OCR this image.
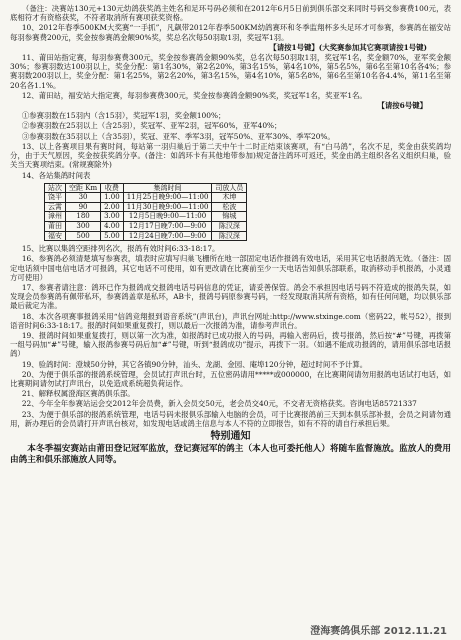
（备注：决赛站130元+130元幼鸽获奖鸽主姓名和足环号码必须和在2012年6月5日前到俱乐部交来同时号码交参赛费100元，表底相符才有资格获奖，不符者取消所有赛项获奖资格。

10、2012年春季500KM大奖赛“一手抓”，凡飙带2012年春季500KM幼鸽赛环和冬季监翔杯多头足环才可参赛，参赛鸽在福安站每羽参赛费200元，奖金按参赛鸽金额90%奖，奖总名次每50羽取1羽，奖冠军1羽。

【请按1号键】(大奖赛参加其它赛项请按1号键)

11、莆田站指定赛，每羽参赛费300元，奖金按参赛鸽金额90%奖，总名次每50羽取1羽，奖冠军1名，奖金额70%，亚军奖金额30%；参赛羽数达100羽以上，奖金分配：第1名30%，第2名20%，第3名15%，第4名10%，第5名5%，第6名至第10名各4%；参赛羽数200羽以上，奖金分配：第1名25%，第2名20%，第3名15%，第4名10%，第5名8%，第6名至第10名各4.4%，第11名至第20名各1.1%。

12、莆田站，福安站大指定赛，每羽参赛费300元，奖金按参赛鸽金额90%奖，奖冠军1名，奖亚军1名。

【请按6号键】

①参赛羽数在15羽内（含15羽），奖冠军1羽，奖金额100%；

②参赛羽数在25羽以上（含25羽），奖冠军、亚军2羽，冠军60%，亚军40%；

③参赛羽数在35羽以上（含35羽），奖冠、亚军、季军3羽，冠军50%、亚军30%、季军20%。

13、以上各赛项目果有赛时间，每站第一羽归巢后于第二天中午十二时正结束该赛项，有“白马鸽”，名次不足，奖金由获奖鸽均分，由于天气原因，奖金按获奖鸽分享。(备注：如鸽环卡有其他地带参加)规定备注鸽环可返还，奖金由鸽主组织各名义组织归巢，验关当天赛项结束。(常规赛除外)

14、各站集鸽时间表

站次	空距 Km	收费	集鸽时间	司放人员
饶平	30	1.00	11月25日晚9:00—11:00	木坤
云霄	90	2.00	11月30日晚9:00—11:00	松波
漳州	180	3.00	12月5日晚9:00—11:00	锦城
莆田	300	4.00	12月17日晚7:00—9:00	陈汉深
福安	500	5.00	12月24日晚7:00—9:00	陈汉深

15、比赛以集鸽空距排列名次，报鸽有效时间6:33-18:17。

16、参赛鸽必须清楚填写参赛表，填表时应填写归巢飞栅所在地一部固定电话作报鸽有效电话，采用其它电话报鸽无效。（备注：固定电话须中国电信电话才可报鸽，其它电话不可使用，如有更改请在比赛前至少一天电话告知俱乐部联系，取消移动手机报鸽，小灵通方可使用）

17、参赛者请注意：鸽环已作为报鸽成交报鸽电话号码信息的凭证，请妥善保管。鸽会不承担因电话号码不符造成的报鸽失误，如发现会员参赛鸽有佩带私环，参赛鸽盖章是私环，AB卡，报鸽号码原参赛号码，一经发现取消其所有资格，如有任何问题，均以俱乐部最后裁定为准。

18、本次各项赛事报鸽采用“信鸽竞翔报到语音系统”(声讯台)，声讯台网址:http://www.stxinge.com（密码22，帐号52），报到语音时间6:33-18:17。报鸽时间如果重复拨打，则以最后一次报鸽为准，请参考声讯台。

19、报鸽时间如果重复拨打，则以第一次为准，如报鸽时已成功报入的号码，再输入密码后，拨号报鸽，然后按“#”号键，再拨第一组号码加“#”号键，输入报鸽参赛号码后加“#”号键，听到“报鸽成功”提示，再拨下一羽。（如遇不能成功报鸽的，请用俱乐部电话报鸽）

19、验鸽时间：澄城50分钟，其它各镇90分钟，汕头、龙湖、金园、庵埠120分钟，超过时间不予计算。

20、为便于俱乐部的报鸽系统管理，会员试打声讯台时，五位密码请用*****或000000，在比赛期间请勿用报鸽电话试打电话，如比赛期间请勿试打声讯台，以免造成系统超负荷运作。

21、解释权属澄海区赛鸽俱乐部。

22、今年全年参赛站运会交2012年会员费，新入会员交50元，老会员交40元，不交者无资格获奖。咨询电话85721337

23、为便于俱乐部的报鸽系统管理，电话号码未报俱乐部输入电脑的会员，可于比赛报鸽前三天到本俱乐部补报，会员之间请勿通用，新办理后的会员请打开声讯台核对，如发现电话或鸽主信息与本人不符的立即报告，如有不符的请自行承担后果。

特别通知

本冬季福安赛站由莆田登记冠军监放，登记赛冠军的鸽主（本人也可委托他人）将随车监督施放。监放人的费用由鸽主和俱乐部施放人同等。

澄海赛鸽俱乐部 2012.11.21
